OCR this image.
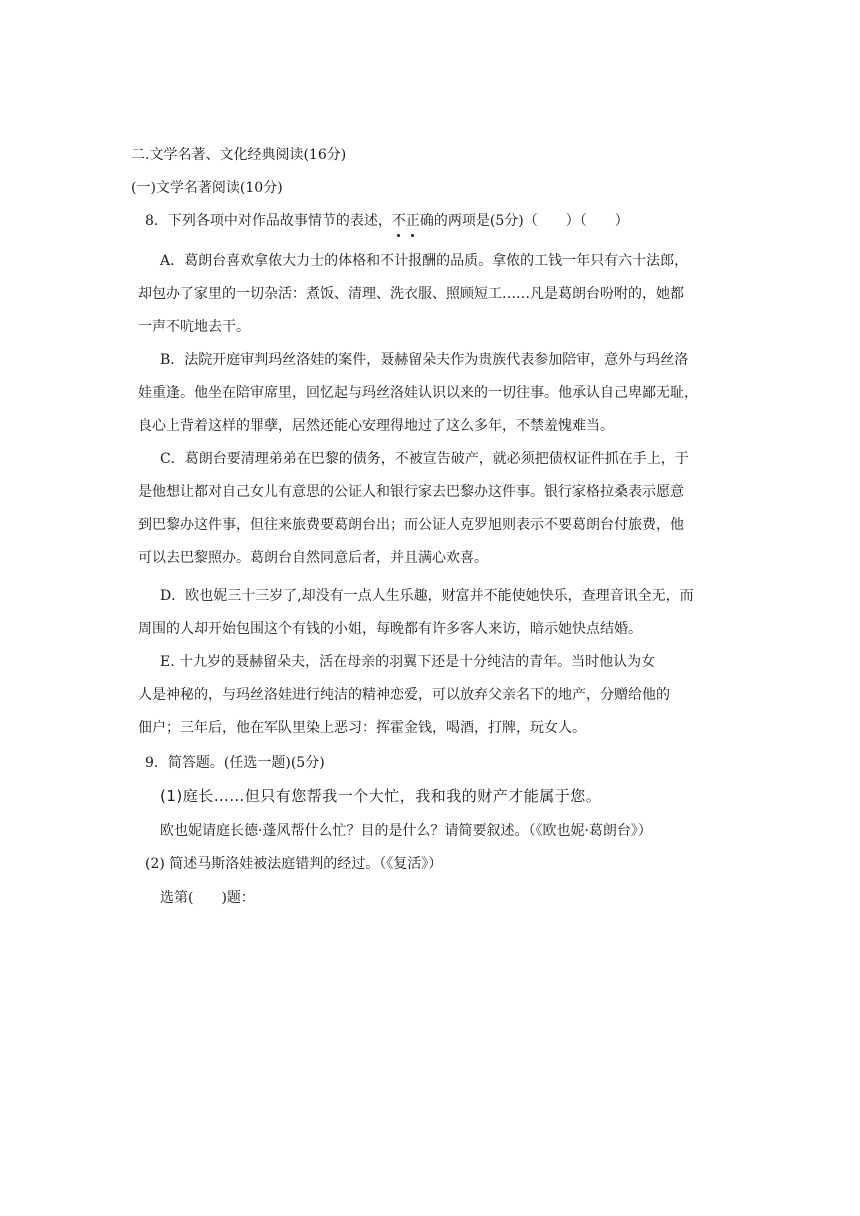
二.文学名著、文化经典阅读(16分)
(一)文学名著阅读(10分)
8．下列各项中对作品故事情节的表述，不正确的两项是(5分)（　　）（　　）
A．葛朗台喜欢拿侬大力士的体格和不计报酬的品质。拿侬的工钱一年只有六十法郎，
却包办了家里的一切杂活：煮饭、清理、洗衣服、照顾短工……凡是葛朗台吩咐的，她都
一声不吭地去干。
B．法院开庭审判玛丝洛娃的案件，聂赫留朵夫作为贵族代表参加陪审，意外与玛丝洛
娃重逢。他坐在陪审席里，回忆起与玛丝洛娃认识以来的一切往事。他承认自己卑鄙无耻，
良心上背着这样的罪孽，居然还能心安理得地过了这么多年，不禁羞愧难当。
C．葛朗台要清理弟弟在巴黎的债务，不被宣告破产，就必须把债权证件抓在手上，于
是他想让都对自己女儿有意思的公证人和银行家去巴黎办这件事。银行家格拉桑表示愿意
到巴黎办这件事，但往来旅费要葛朗台出；而公证人克罗旭则表示不要葛朗台付旅费，他
可以去巴黎照办。葛朗台自然同意后者，并且满心欢喜。
D．欧也妮三十三岁了,却没有一点人生乐趣，财富并不能使她快乐，查理音讯全无，而
周围的人却开始包围这个有钱的小姐，每晚都有许多客人来访，暗示她快点结婚。
E. 十九岁的聂赫留朵夫，活在母亲的羽翼下还是十分纯洁的青年。当时他认为女
人是神秘的，与玛丝洛娃进行纯洁的精神恋爱，可以放弃父亲名下的地产，分赠给他的
佃户；三年后，他在军队里染上恶习：挥霍金钱，喝酒，打牌，玩女人。
9．简答题。(任选一题)(5分)
(1)庭长……但只有您帮我一个大忙，我和我的财产才能属于您。
欧也妮请庭长德·蓬风帮什么忙？目的是什么？请简要叙述。（《欧也妮·葛朗台》）
(2) 简述马斯洛娃被法庭错判的经过。（《复活》）
选第(　　)题：
